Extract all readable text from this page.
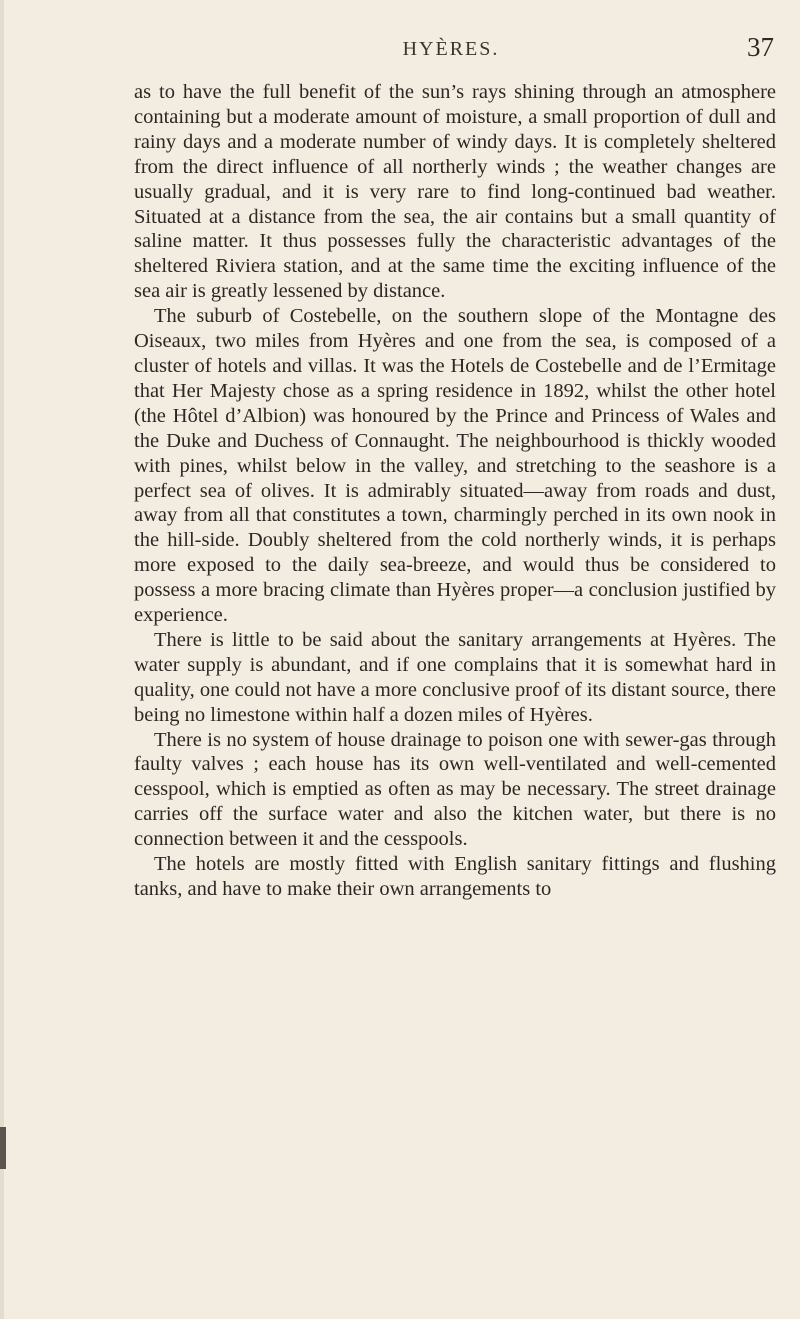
HYÈRES.	37

as to have the full benefit of the sun’s rays shining through an atmosphere containing but a moderate amount of moisture, a small proportion of dull and rainy days and a moderate number of windy days. It is completely sheltered from the direct influence of all northerly winds ; the weather changes are usually gradual, and it is very rare to find long-continued bad weather. Situated at a distance from the sea, the air contains but a small quantity of saline matter. It thus possesses fully the characteristic advantages of the sheltered Riviera station, and at the same time the exciting influence of the sea air is greatly lessened by distance.

The suburb of Costebelle, on the southern slope of the Montagne des Oiseaux, two miles from Hyères and one from the sea, is composed of a cluster of hotels and villas. It was the Hotels de Costebelle and de l’Ermitage that Her Majesty chose as a spring residence in 1892, whilst the other hotel (the Hôtel d’Albion) was honoured by the Prince and Princess of Wales and the Duke and Duchess of Connaught. The neighbourhood is thickly wooded with pines, whilst below in the valley, and stretching to the seashore is a perfect sea of olives. It is admirably situated—away from roads and dust, away from all that constitutes a town, charmingly perched in its own nook in the hill-side. Doubly sheltered from the cold northerly winds, it is perhaps more exposed to the daily sea-breeze, and would thus be considered to possess a more bracing climate than Hyères proper—a conclusion justified by experience.

There is little to be said about the sanitary arrangements at Hyères. The water supply is abundant, and if one complains that it is somewhat hard in quality, one could not have a more conclusive proof of its distant source, there being no limestone within half a dozen miles of Hyères.

There is no system of house drainage to poison one with sewer-gas through faulty valves ; each house has its own well-ventilated and well-cemented cesspool, which is emptied as often as may be necessary. The street drainage carries off the surface water and also the kitchen water, but there is no connection between it and the cesspools.

The hotels are mostly fitted with English sanitary fittings and flushing tanks, and have to make their own arrangements to
